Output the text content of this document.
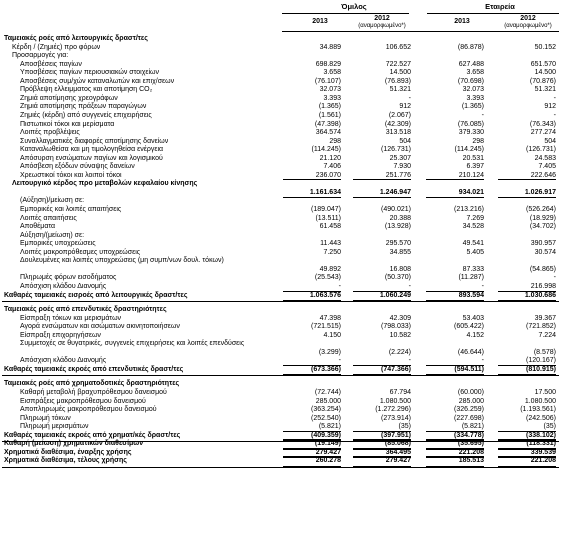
Όμιλος	Εταιρεία
2013	2012
(αναμορφωμένο*)
2013	2012
(αναμορφωμένο*)
Ταμειακές ροές από λειτουργικές δραστ/τες
Κέρδη / (Ζημιές) προ φόρων	34.889	106.652	(86.878)	50.152
Προσαρμογές για:
Αποσβέσεις παγίων	698.829	722.527	627.488	651.570
Υποσβέσεις παγίων περιουσιακών στοιχείων	3.658	14.500	3.658	14.500
Αποσβέσεις συμ/χών καταναλωτών και επιχ/σεων	(76.107)	(76.893)	(70.698)	(70.876)
Πρόβλεψη ελλειμματος και αποτίμηση CO₂	32.073	51.321	32.073	51.321
Ζημιά αποτίμησης χρεογράφων	3.393	-	3.393	-
Ζημιά αποτίμησης πράξεων παραγώγων	(1.365)	912	(1.365)	912
Ζημιές (κέρδη) από συγγενείς επιχειρήσεις	(1.561)	(2.067)	-	-
Πιστωτικοί τόκοι και μερίσματα	(47.398)	(42.309)	(76.085)	(76.343)
Λοιπές προβλέψεις	364.574	313.518	379.330	277.274
Συναλλαγματικές διαφορές αποτίμησης δανείων	298	504	298	504
Καταναλωθείσα και μη τιμολογηθείσα ενέργεια	(114.245)	(126.731)	(114.245)	(126.731)
Απόσυρση ενσώματων παγίων και λογισμικού	21.120	25.307	20.531	24.583
Απόσβεση εξόδων σύναψης δανείων	7.406	7.930	6.397	7.405
Χρεωστικοί τόκοι και λοιποί τόκοι	236.070	251.776	210.124	222.646
Λειτουργικό κέρδος προ μεταβολών κεφαλαίου κίνησης
1.161.634	1.246.947	934.021	1.026.917
(Αύξηση)/μείωση σε:
Εμπορικές και λοιπές απαιτήσεις	(189.047)	(490.021)	(213.216)	(526.264)
Λοιπές απαιτήσεις	(13.511)	20.388	7.269	(18.929)
Αποθέματα	61.458	(13.928)	34.528	(34.702)
Αύξηση/(μείωση) σε:
Εμπορικές υποχρεώσεις	11.443	295.570	49.541	390.957
Λοιπές μακροπρόθεσμες υποχρεώσεις	7.250	34.855	5.405	30.574
Δουλευμένες και λοιπές υποχρεώσεις (μη συμπ/νων δουλ. τόκων)
49.892	16.808	87.333	(54.865)
Πληρωμές φόρων εισοδήματος	(25.543)	(50.370)	(11.287)	-
Απόσχιση κλάδου Διανομής	-	-	-	216.998
Καθαρές ταμειακές εισροές από λειτουργικές δραστ/τες	1.063.576	1.060.249	893.594	1.030.686
Ταμειακές ροές από επενδυτικές δραστηριότητες
Είσπραξη τόκων και μερισμάτων	47.398	42.309	53.403	39.367
Αγορά ενσώματων και ασώματων ακινητοποιήσεων	(721.515)	(798.033)	(605.422)	(721.852)
Είσπραξη επιχορηγήσεων	4.150	10.582	4.152	7.224
Συμμετοχές σε θυγατρικές, συγγενείς επιχειρήσεις και λοιπές επενδύσεις
(3.299)	(2.224)	(46.644)	(8.578)
Απόσχιση κλάδου Διανομής	-	-	-	(120.167)
Καθαρές ταμειακές εκροές από επενδυτικές δραστ/τες	(673.366)	(747.366)	(594.511)	(810.915)
Ταμειακές ροές από χρηματοδοτικές δραστηριότητες
Καθαρή μεταβολή βραχυπρόθεσμου δανεισμού	(72.744)	67.794	(60.000)	17.500
Εισπράξεις μακροπρόθεσμου δανεισμού	285.000	1.080.500	285.000	1.080.500
Αποπληρωμές μακροπρόθεσμου δανεισμού	(363.254)	(1.272.296)	(326.259)	(1.193.561)
Πληρωμή τόκων	(252.540)	(273.914)	(227.698)	(242.506)
Πληρωμή μερισμάτων	(5.821)	(35)	(5.821)	(35)
Καθαρές ταμειακές εκροές από χρηματ/κές δραστ/τες	(409.359)	(397.951)	(334.778)	(338.102)
Καθαρή (μείωση) χρηματικών διαθεσίμων	(19.149)	(85.068)	(35.695)	(118.331)
Χρηματικά διαθέσιμα, έναρξης χρήσης	279.427	364.495	221.208	339.539
Χρηματικά διαθέσιμα, τέλους χρήσης	260.278	279.427	185.513	221.208
